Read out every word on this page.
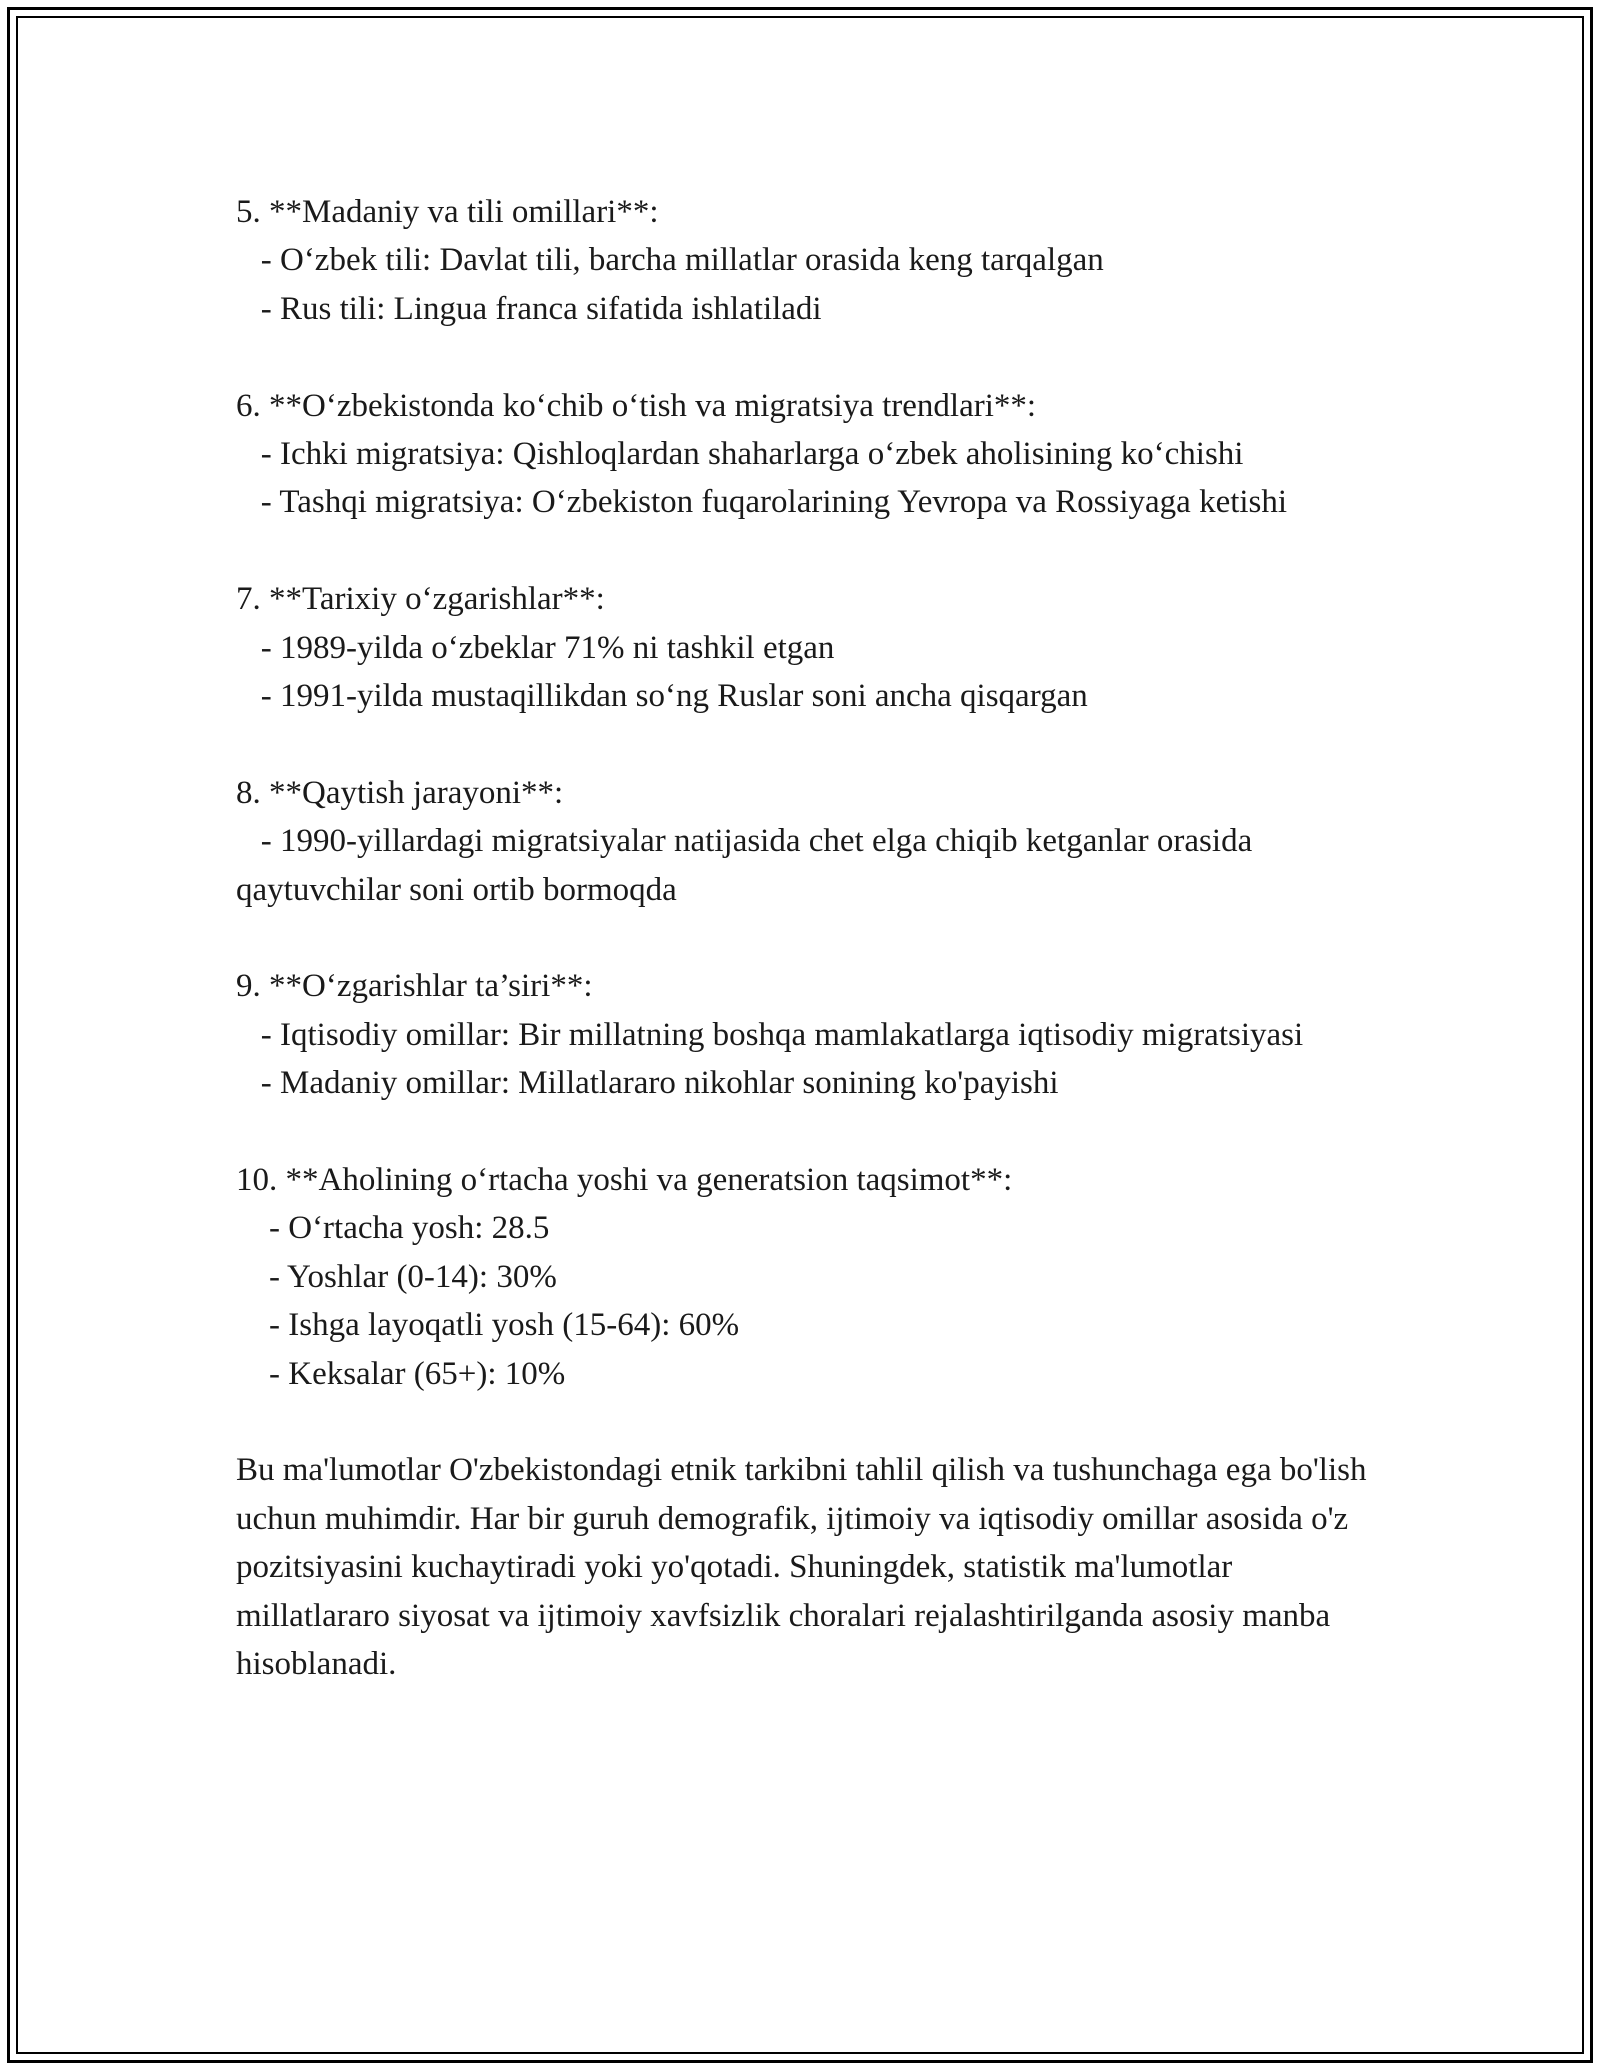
5. **Madaniy va tili omillari**:

- O‘zbek tili: Davlat tili, barcha millatlar orasida keng tarqalgan

- Rus tili: Lingua franca sifatida ishlatiladi

6. **O‘zbekistonda ko‘chib o‘tish va migratsiya trendlari**:

- Ichki migratsiya: Qishloqlardan shaharlarga o‘zbek aholisining ko‘chishi

- Tashqi migratsiya: O‘zbekiston fuqarolarining Yevropa va Rossiyaga ketishi

7. **Tarixiy o‘zgarishlar**:

- 1989-yilda o‘zbeklar 71% ni tashkil etgan

- 1991-yilda mustaqillikdan so‘ng Ruslar soni ancha qisqargan

8. **Qaytish jarayoni**:

- 1990-yillardagi migratsiyalar natijasida chet elga chiqib ketganlar orasida qaytuvchilar soni ortib bormoqda

9. **O‘zgarishlar ta’siri**:

- Iqtisodiy omillar: Bir millatning boshqa mamlakatlarga iqtisodiy migratsiyasi

- Madaniy omillar: Millatlararo nikohlar sonining ko'payishi

10. **Aholining o‘rtacha yoshi va generatsion taqsimot**:

- O‘rtacha yosh: 28.5

- Yoshlar (0-14): 30%

- Ishga layoqatli yosh (15-64): 60%

- Keksalar (65+): 10%

Bu ma'lumotlar O'zbekistondagi etnik tarkibni tahlil qilish va tushunchaga ega bo'lish uchun muhimdir. Har bir guruh demografik, ijtimoiy va iqtisodiy omillar asosida o'z pozitsiyasini kuchaytiradi yoki yo'qotadi. Shuningdek, statistik ma'lumotlar millatlararo siyosat va ijtimoiy xavfsizlik choralari rejalashtirilganda asosiy manba hisoblanadi.
